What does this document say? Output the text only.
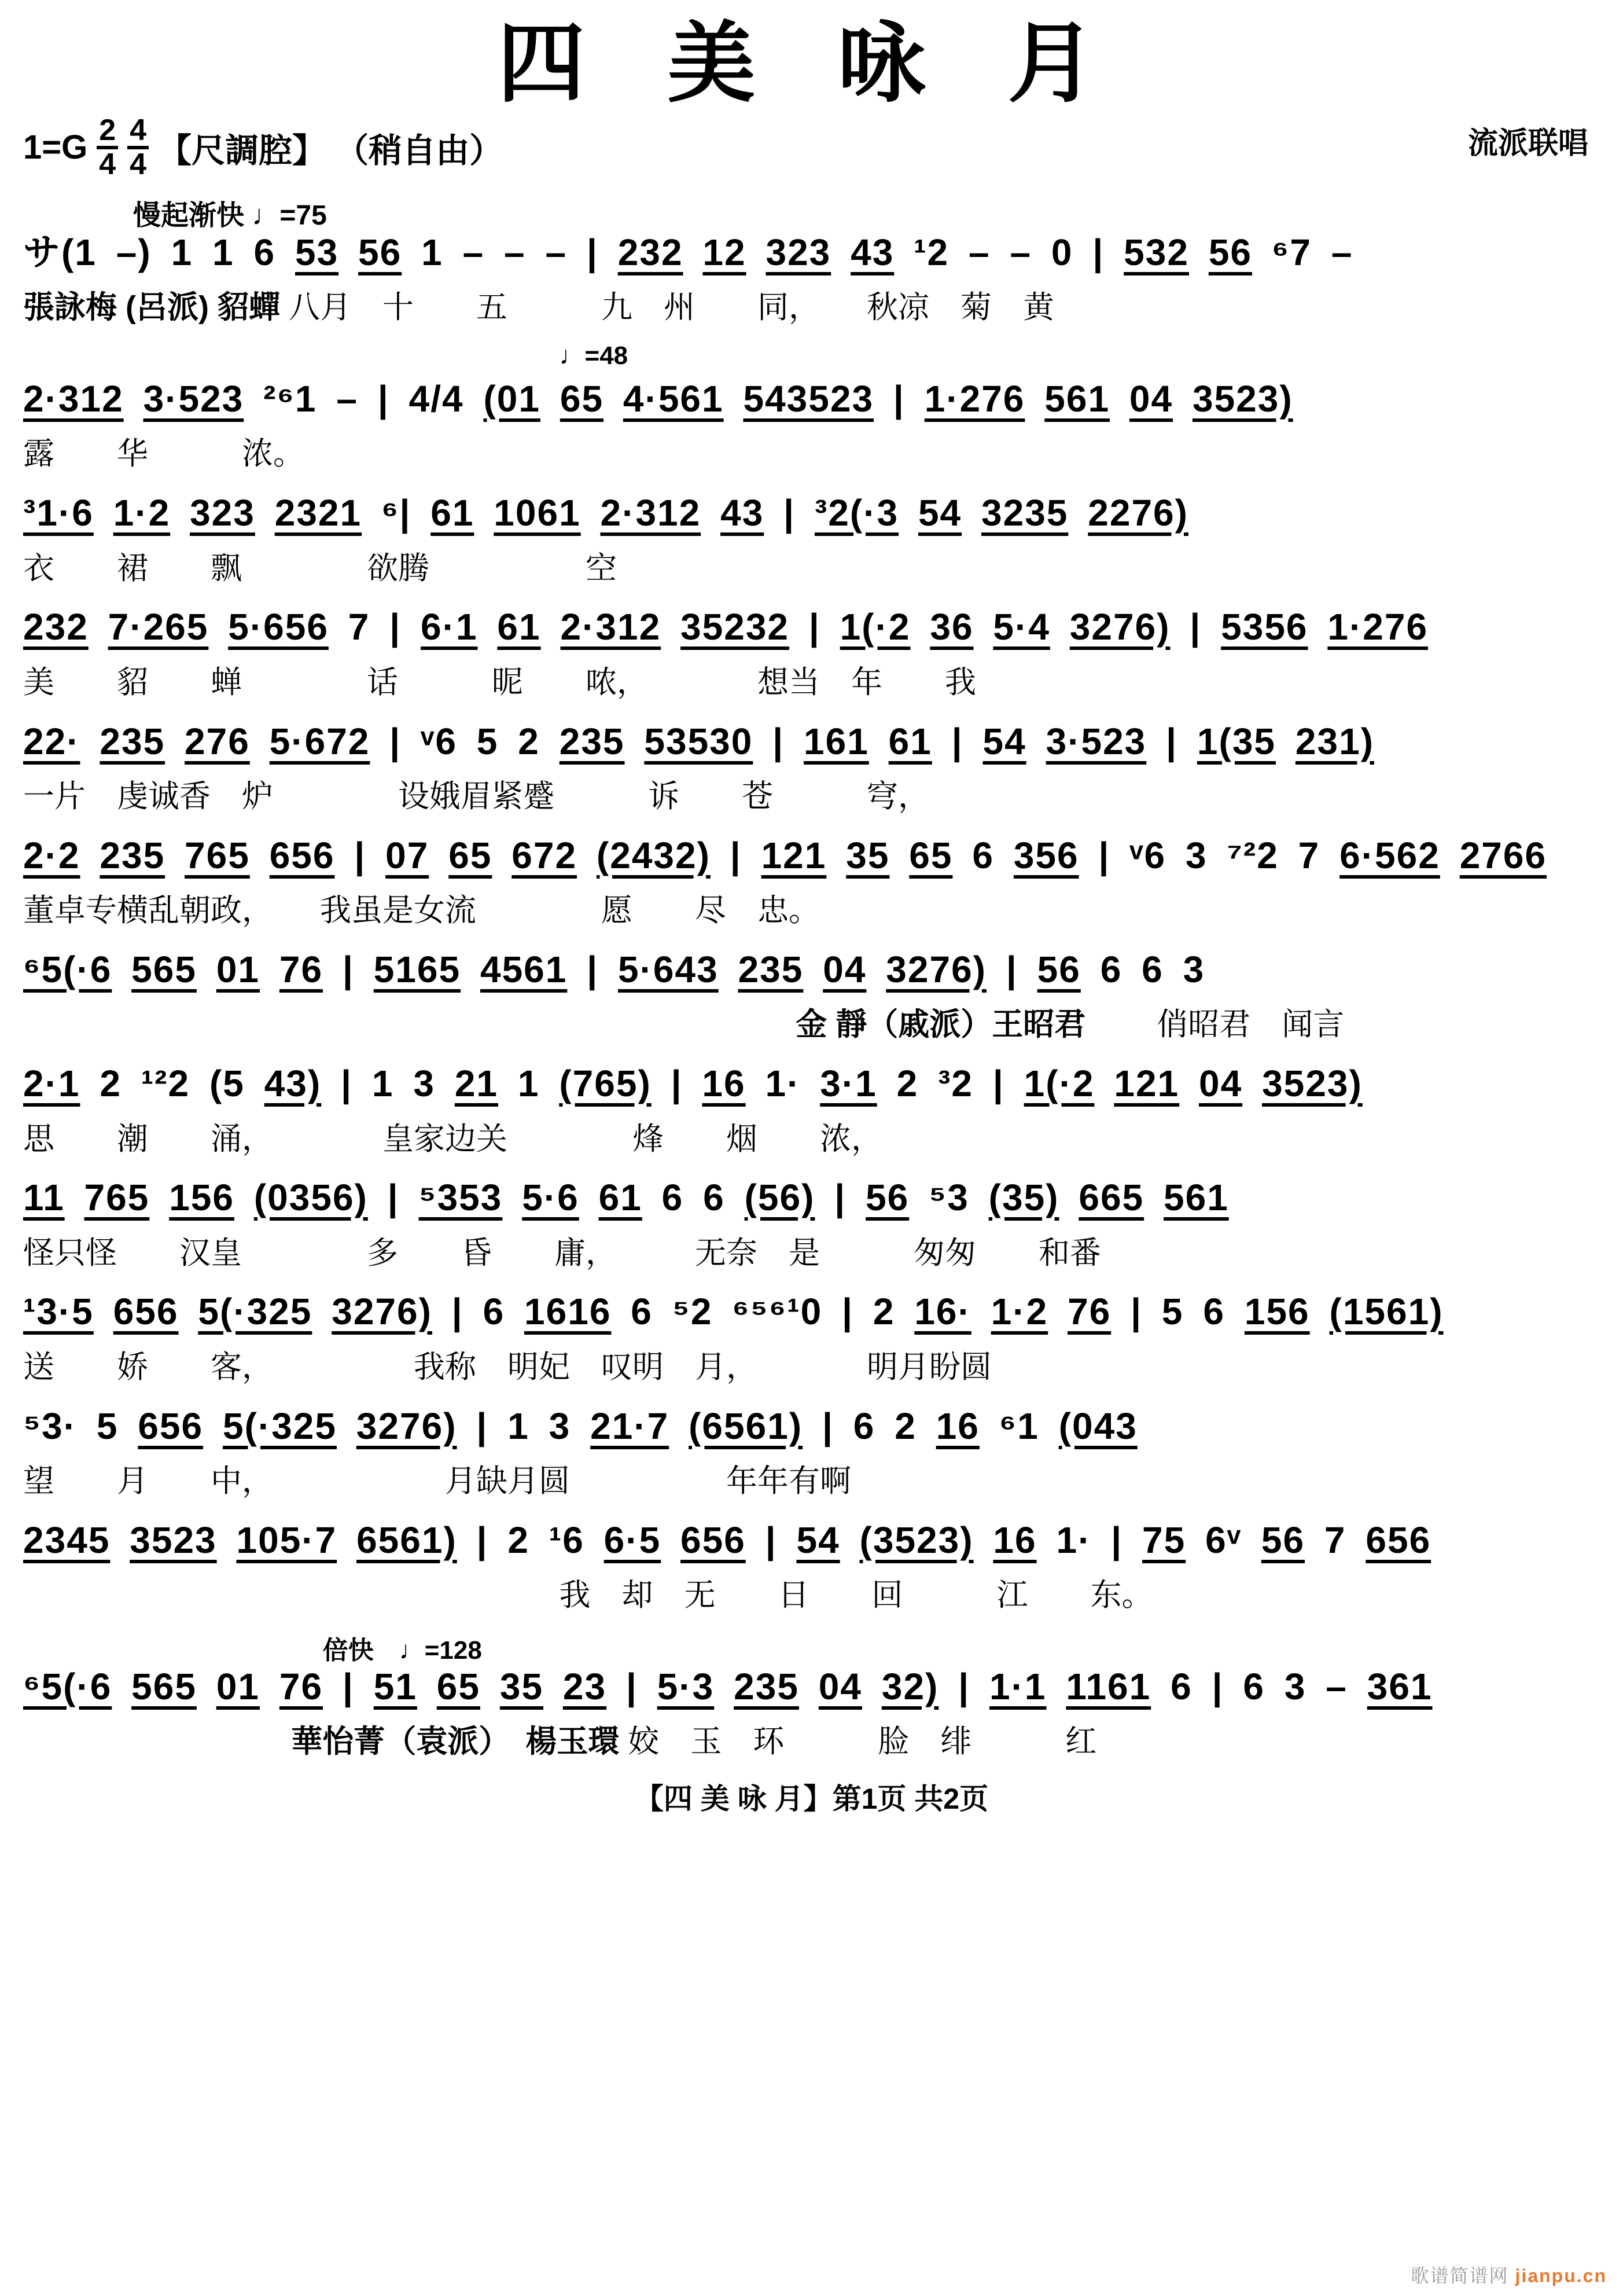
四 美 咏 月
$1=G \frac{2}{4} \frac{4}{4}$ 【尺調腔】 （稍自由）	流派联唱
慢起渐快 ♩=75
サ(1 –) 1 1 6 53 56 1 – – – | 232 12 323 43 ¹2 – – 0 | 532 56 ⁶7 –
張詠梅 (呂派) 貂蟬 八月　十　　五　　　九　州　　同，　　秋凉　菊　黄
♩=48
2·312 3·523 ²⁶1 – | 4/4 (01 65 4·561 543523 | 1·276 561 04 3523)
露　　华　　　浓。
³1·6 1·2 323 2321 ⁶| 61 1061 2·312 43 | ³2(·3 54 3235 2276)
衣　　裙　　飘　　　　欲腾　　　　　空
232 7·265 5·656 7 | 6·1 61 2·312 35232 | 1(·2 36 5·4 3276) | 5356 1·276
美　　貂　　蝉　　　　话　　　昵　　哝，　　　　想当　年　　我
22· 235 276 5·672 | ᵛ6 5 2 235 53530 | 161 61 | 54 3·523 | 1(35 231)
一片　虔诚香　炉　　　　设娥眉紧蹙　　　诉　　苍　　　穹，
2·2 235 765 656 | 07 65 672 (2432) | 121 35 65 6 356 | ᵛ6 3 ⁷²2 7 6·562 2766
董卓专横乱朝政，　　我虽是女流　　　　愿　　尽　忠。
⁶5(·6 565 01 76 | 5165 4561 | 5·643 235 04 3276) | 56 6 6 3
金 靜（戚派）王昭君 　　俏昭君　闻言
2·1 2 ¹²2 (5 43) | 1 3 21 1 (765) | 16 1· 3·1 2 ³2 | 1(·2 121 04 3523)
思　　潮　　涌，　　　　皇家边关　　　　烽　　烟　　浓，
11 765 156 (0356) | ⁵353 5·6 61 6 6 (56) | 56 ⁵3 (35) 665 561
怪只怪　　汉皇　　　　多　　昏　　庸，　　　无奈　是　　　匆匆　　和番
¹3·5 656 5(·325 3276) | 6 1616 6 ⁵2 ⁶⁵⁶¹0 | 2 16· 1·2 76 | 5 6 156 (1561)
送　　娇　　客，　　　　　我称　明妃　叹明　月，　　　　明月盼圆
⁵3· 5 656 5(·325 3276) | 1 3 21·7 (6561) | 6 2 16 ⁶1 (043
望　　月　　中，　　　　　　月缺月圆　　　　　年年有啊
2345 3523 105·7 6561) | 2 ¹6 6·5 656 | 54 (3523) 16 1· | 75 6ᵛ 56 7 656
我　却　无　　日　　回　　　江　　东。
倍快　♩=128
⁶5(·6 565 01 76 | 51 65 35 23 | 5·3 235 04 32) | 1·1 1161 6 | 6 3 – 361
華怡菁（袁派）　楊玉環 姣　玉　环　　　脸　绯　　　红
【四 美 咏 月】第1页 共2页
歌谱简谱网 jianpu.cn
